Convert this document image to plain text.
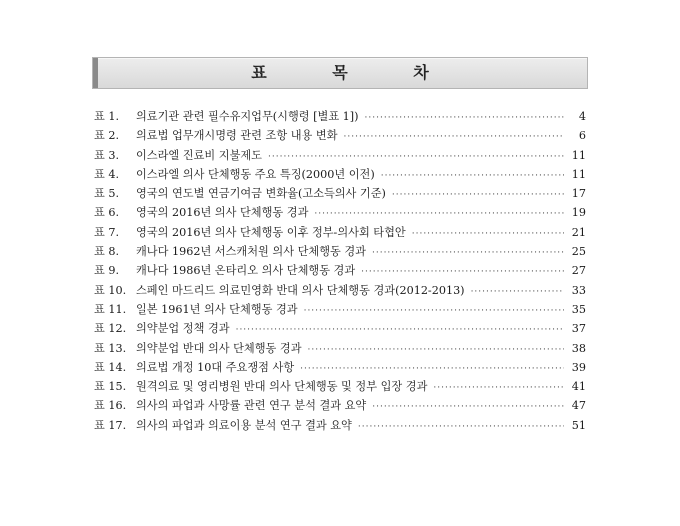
표 목 차
표 1.	의료기관 관련 필수유지업무(시행령 [별표 1]) ·····	4
표 2.	의료법 업무개시명령 관련 조항 내용 변화 ·····	6
표 3.	이스라엘 진료비 지불제도 ·····	11
표 4.	이스라엘 의사 단체행동 주요 특징(2000년 이전) ·····	11
표 5.	영국의 연도별 연금기여금 변화율(고소득의사 기준) ·····	17
표 6.	영국의 2016년 의사 단체행동 경과 ·····	19
표 7.	영국의 2016년 의사 단체행동 이후 정부-의사회 타협안 ·····	21
표 8.	캐나다 1962년 서스캐처원 의사 단체행동 경과 ·····	25
표 9.	캐나다 1986년 온타리오 의사 단체행동 경과 ·····	27
표 10. 스페인 마드리드 의료민영화 반대 의사 단체행동 경과(2012-2013) ·····	33
표 11. 일본 1961년 의사 단체행동 경과 ·····	35
표 12. 의약분업 정책 경과 ·····	37
표 13. 의약분업 반대 의사 단체행동 경과 ·····	38
표 14. 의료법 개정 10대 주요쟁점 사항 ·····	39
표 15. 원격의료 및 영리병원 반대 의사 단체행동 및 정부 입장 경과 ·····	41
표 16. 의사의 파업과 사망률 관련 연구 분석 결과 요약 ·····	47
표 17. 의사의 파업과 의료이용 분석 연구 결과 요약 ·····	51
